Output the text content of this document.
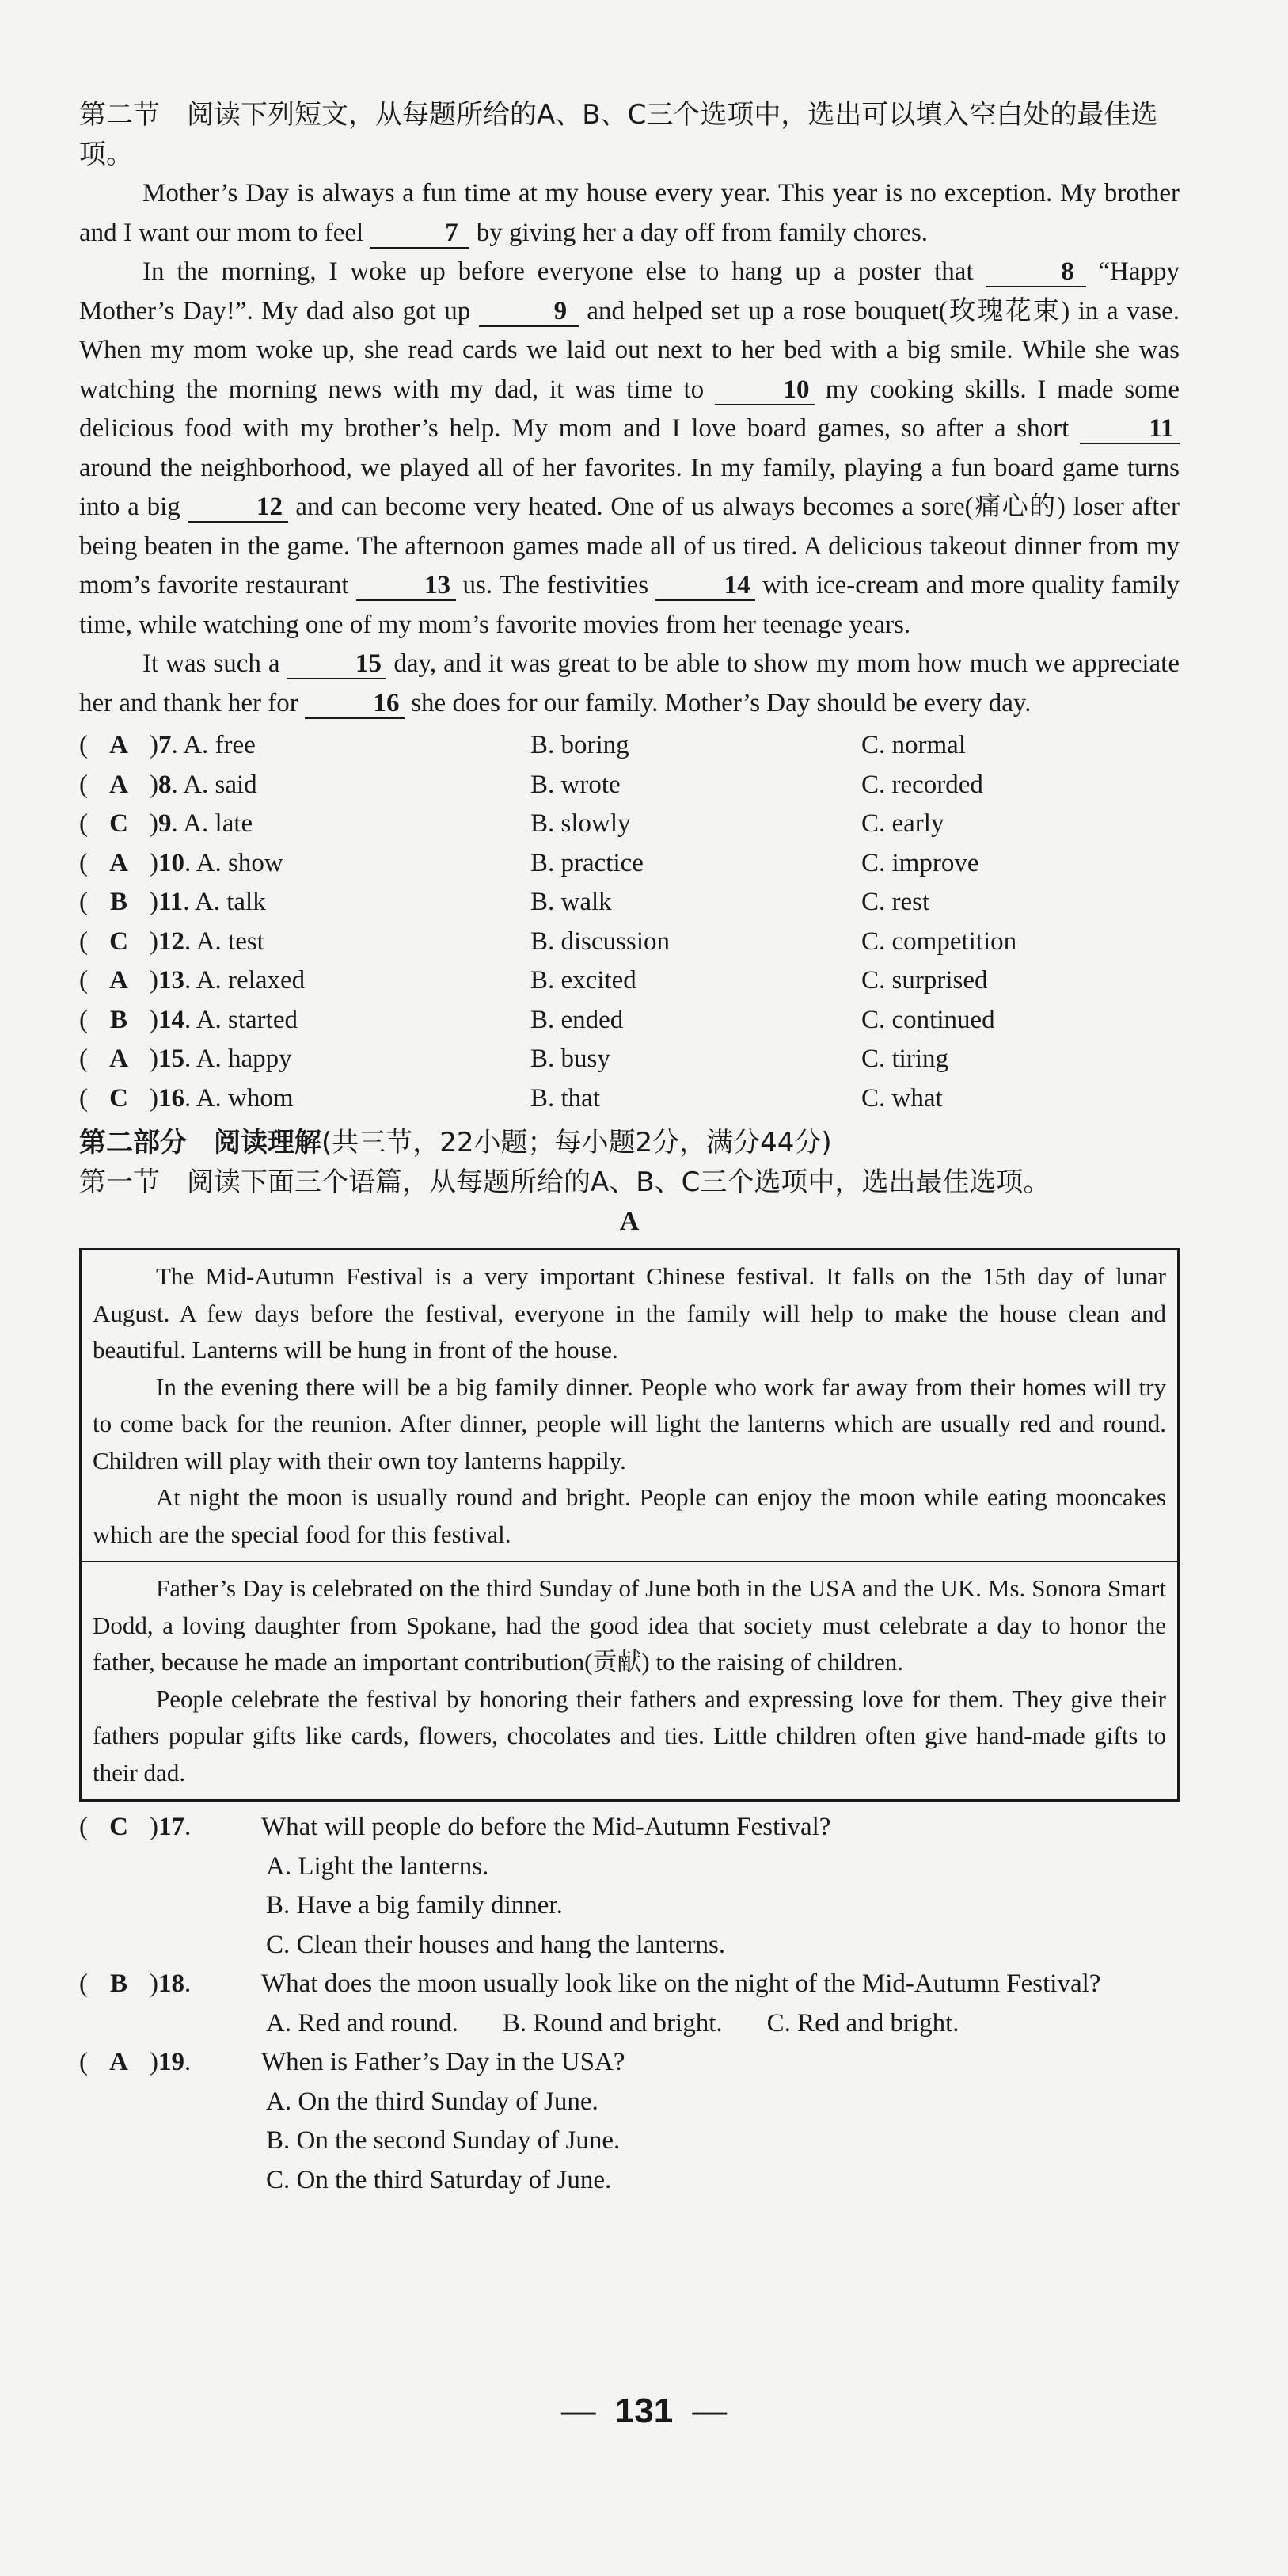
第二节　阅读下列短文，从每题所给的A、B、C三个选项中，选出可以填入空白处的最佳选项。

Mother’s Day is always a fun time at my house every year. This year is no exception. My brother and I want our mom to feel	7 by giving her a day off from family chores.

In the morning, I woke up before everyone else to hang up a poster that	8 “Happy Mother’s Day!”. My dad also got up	9 and helped set up a rose bouquet(玫瑰花束) in a vase. When my mom woke up, she read cards we laid out next to her bed with a big smile. While she was watching the morning news with my dad, it was time to	10 my cooking skills. I made some delicious food with my brother’s help. My mom and I love board games, so after a short	11 around the neighborhood, we played all of her favorites. In my family, playing a fun board game turns into a big	12 and can become very heated. One of us always becomes a sore(痛心的) loser after being beaten in the game. The afternoon games made all of us tired. A delicious takeout dinner from my mom’s favorite restaurant	13 us. The festivities	14 with ice-cream and more quality family time, while watching one of my mom’s favorite movies from her teenage years.

It was such a	15 day, and it was great to be able to show my mom how much we appreciate her and thank her for	16 she does for our family. Mother’s Day should be every day.

( A )7. A. free	B. boring	C. normal
( A )8. A. said	B. wrote	C. recorded
( C )9. A. late	B. slowly	C. early
( A )10. A. show	B. practice	C. improve
( B )11. A. talk	B. walk	C. rest
( C )12. A. test	B. discussion	C. competition
( A )13. A. relaxed	B. excited	C. surprised
( B )14. A. started	B. ended	C. continued
( A )15. A. happy	B. busy	C. tiring
( C )16. A. whom	B. that	C. what
第二部分　阅读理解(共三节，22小题；每小题2分，满分44分)
第一节　阅读下面三个语篇，从每题所给的A、B、C三个选项中，选出最佳选项。
A

The Mid-Autumn Festival is a very important Chinese festival. It falls on the 15th day of lunar August. A few days before the festival, everyone in the family will help to make the house clean and beautiful. Lanterns will be hung in front of the house.

In the evening there will be a big family dinner. People who work far away from their homes will try to come back for the reunion. After dinner, people will light the lanterns which are usually red and round. Children will play with their own toy lanterns happily.

At night the moon is usually round and bright. People can enjoy the moon while eating mooncakes which are the special food for this festival.

Father’s Day is celebrated on the third Sunday of June both in the USA and the UK. Ms. Sonora Smart Dodd, a loving daughter from Spokane, had the good idea that society must celebrate a day to honor the father, because he made an important contribution(贡献) to the raising of children.

People celebrate the festival by honoring their fathers and expressing love for them. They give their fathers popular gifts like cards, flowers, chocolates and ties. Little children often give hand-made gifts to their dad.

( C )17.	What will people do before the Mid-Autumn Festival?
A. Light the lanterns.
B. Have a big family dinner.
C. Clean their houses and hang the lanterns.
( B )18.	What does the moon usually look like on the night of the Mid-Autumn Festival?
A. Red and round. B. Round and bright. C. Red and bright.
( A )19.	When is Father’s Day in the USA?
A. On the third Sunday of June.
B. On the second Sunday of June.
C. On the third Saturday of June.
— 131 —
